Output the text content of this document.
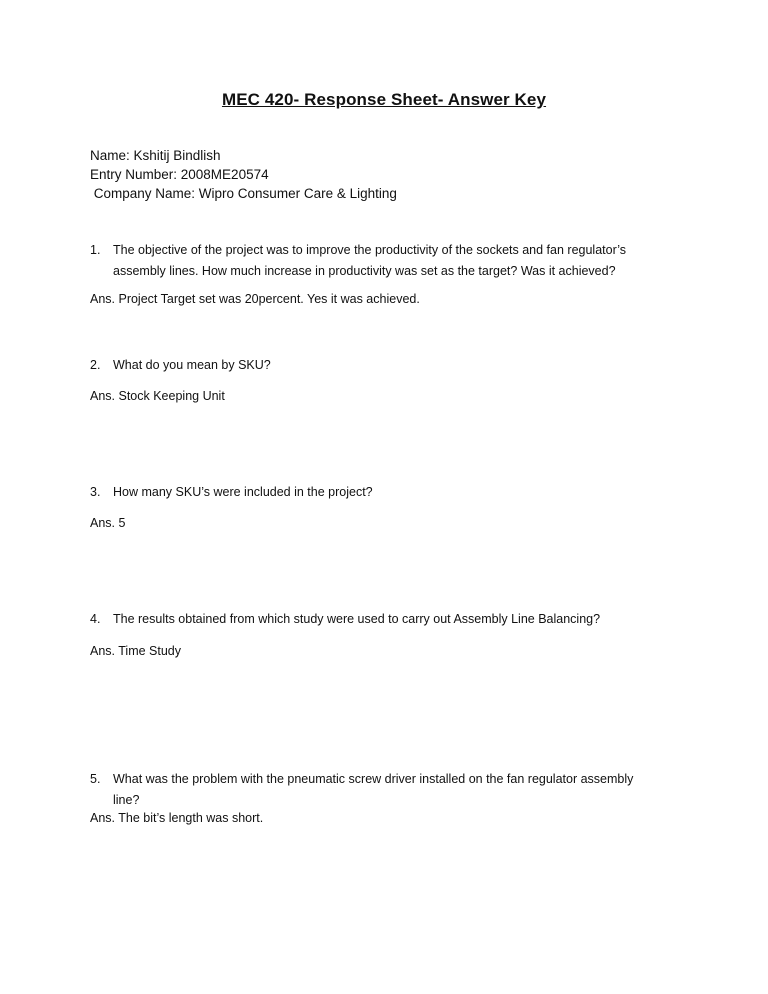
MEC 420- Response Sheet- Answer Key
Name: Kshitij Bindlish
Entry Number: 2008ME20574
Company Name: Wipro Consumer Care & Lighting
1.	The objective of the project was to improve the productivity of the sockets and fan regulator’s assembly lines. How much increase in productivity was set as the target? Was it achieved?
Ans. Project Target set was 20percent. Yes it was achieved.
2.	What do you mean by SKU?
Ans. Stock Keeping Unit
3.	How many SKU’s were included in the project?
Ans. 5
4.	The results obtained from which study were used to carry out Assembly Line Balancing?
Ans. Time Study
5.	What was the problem with the pneumatic screw driver installed on the fan regulator assembly line?
Ans. The bit’s length was short.
